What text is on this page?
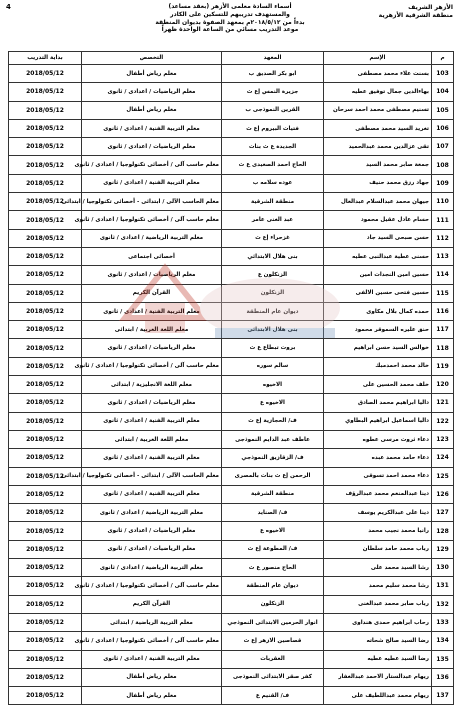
4	الأزهر الشريف
منطقة الشرقية الأزهرية
أسماء السادة معلمى الأزهر (بعقد مساعد)
والمستهدف تدريبهم للتسكين على الكادر
بدءاً من ٢٠١٨/٥/١٢م بمعهد الصفوة بديوان المنطقة
موعد التدريب مسائي من الساعة الواحدة ظهراً
م	الإسم	المعهد	التخصص	بداية التدريب
103	بسنت علاء محمد مصطفى	ابو بكر الصديق ب	معلم رياض أطفال	2018/05/12
104	بهاءالدين جمال توفيق عطيه	جزيرة النمس إع ث	معلم الرياضيات / اعدادى / ثانوى	2018/05/12
105	تسنيم مصطفى محمد احمد سرحان	القرين النموذجى ب	معلم رياض أطفال	2018/05/12
106	تغريد السيد محمد مصطفى	فتيات البيروم إع ث	معلم التربية الفنية / اعدادى / ثانوى	2018/05/12
107	تقى عزالدين محمد عبدالحميد	الجديدة ع ث بنات	معلم الرياضيات / اعدادى / ثانوى	2018/05/12
108	جمعة صابر محمد السيد	الحاج احمد الصعيدى ع ث	معلم حاسب آلى / أخصائى تكنولوجيا / اعدادى / ثانوى	2018/05/12
109	جهاد رزق محمد حنيف	عوده سلامه ب	معلم التربية الفنية / اعدادى / ثانوى	2018/05/12
110	جيهان محمد عبدالسلام عبدالعال	منطقة الشرقية	معلم الحاسب الآلى / ابتدائى - أخصائى تكنولوجيا / ابتدائى	2018/05/12
111	حسام عادل عقيل محمود	عبد الغنى عامر	معلم حاسب آلى / أخصائى تكنولوجيا / اعدادى / ثانوى	2018/05/12
112	حسن صبحى السيد جاد	غزحراء إع ث	معلم التربية الرياضية / اعدادى / ثانوى	2018/05/12
113	حسنى عطية عبدالنبى عطيه	بنى هلال الابتدائي	أخصائى اجتماعى	2018/05/12
114	حسين امين النجدات امين	الزنكلون ع	معلم الرياضيات / اعدادى / ثانوى	2018/05/12
115	حسين فتحى حسين الالفى	الزنكلون	القرآن الكريم	2018/05/12
116	حمده كمال بلال مكاوى	ديوان عام المنطقة	معلم التربية الفنية / اعدادى / ثانوى	2018/05/12
117	حنق عليره السموقر محمود	بنى هلال الابتدائى	معلم اللغة العربية / ابتدائى	2018/05/12
118	خوالس السيد حسن ابراهيم	بروت تبطاع ع ث	معلم الرياضيات / اعدادى / ثانوى	2018/05/12
119	خالد محمد احمدمبك	سالم سوره	معلم حاسب آلى / أخصائى تكنولوجيا / اعدادى / ثانوى	2018/05/12
120	خلف محمد الحسين على	الاخيوه	معلم اللغة الانجليزية / ابتدائى	2018/05/12
121	داليا ابراهيم محمد الصادق	الاخيوه ع	معلم الرياضيات / اعدادى / ثانوى	2018/05/12
122	داليا اسماعيل ابراهيم البطاوي	ف/ الحجازية إع ث	معلم التربية الفنية / اعدادى / ثانوى	2018/05/12
123	دعاء ثروت مرسى عطوه	عاطف عبد الدايم النموذجى	معلم اللغة العربية / ابتدائى	2018/05/12
124	دعاء حامد محمد عبده	ف/ الزقازيق النموذجي	معلم التربية الفنية / اعدادى / ثانوى	2018/05/12
125	دعاء محمد احمد تسوقى	الرحمن إع ث بنات بالمصرى	معلم الحاسب الآلى / ابتدائى - أخصائى تكنولوجيا / ابتدائى	2018/05/12
126	دينا عبدالمنعم محمد عبدالرؤف	منطقة الشرقية	معلم التربية الفنية / اعدادى / ثانوى	2018/05/12
127	دينا على عبدالكريم يوسف	ف/ الصنايد	معلم التربية الرياضية / اعدادى / ثانوى	2018/05/12
128	رانيا محمد نجيب محمد	الاخيوه ع	معلم الرياضيات / اعدادى / ثانوى	2018/05/12
129	رباب محمد حامد سلطان	ف/ المطوعة إع ث	معلم الرياضيات / اعدادى / ثانوى	2018/05/12
130	رشا السيد محمد على	الحاج منصور ع ث	معلم التربية الرياضية / اعدادى / ثانوى	2018/05/12
131	رشا محمد سليم محمد	ديوان عام المنطقة	معلم حاسب آلى / أخصائى تكنولوجيا / اعدادى / ثانوى	2018/05/12
132	رباب صابر محمد عبدالغنى	الزنكلون	القرآن الكريم	2018/05/12
133	رحاب ابراهيم حمدى هنداوى	انوار الحرمين الابتدائى النموذجي	معلم التربية الرياضية / ابتدائى	2018/05/12
134	رضا السيد صالح شحاته	قصاصين الازهر إع ث	معلم حاسب آلى / أخصائى تكنولوجيا / اعدادى / ثانوى	2018/05/12
135	رضا السيد عطيه عطيه	العقربات	معلم التربية الفنية / اعدادى / ثانوى	2018/05/12
136	ريهام عبدالستار الاحمد عبدالغفار	كفر صقر الابتدائى النموذجى	معلم رياض أطفال	2018/05/12
137	ريهام محمد عبداللطيف على	ف/ القنيم ع	معلم رياض أطفال	2018/05/12
